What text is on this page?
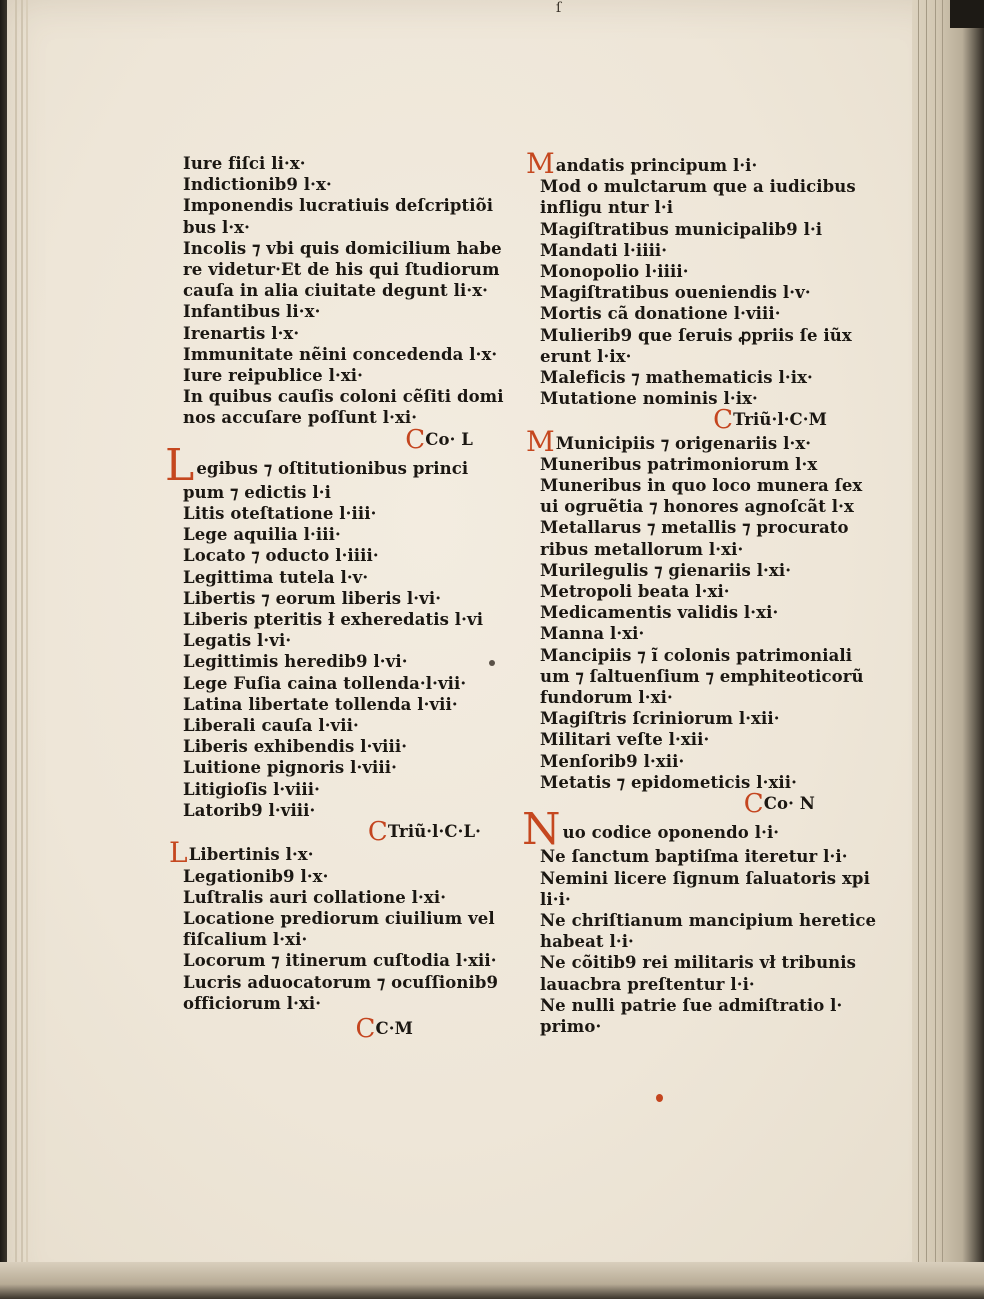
ſ
Iure fiſci li·x·
Indictionib9 l·x·
Imponendis lucratiuis deſcriptiõi
bus l·x·
Incolis ⁊ vbi quis domicilium habe
re videtur·Et de his qui ſtudiorum
cauſa in alia ciuitate degunt li·x·
Infantibus li·x·
Irenartis l·x·
Immunitate nẽini concedenda l·x·
Iure reipublice l·xi·
In quibus cauſis coloni cẽſiti domi
nos accuſare poſſunt l·xi·
CCo· L
Legibus ⁊ oſtitutionibus princi
pum ⁊ edictis l·i
Litis oteſtatione l·iii·
Lege aquilia l·iii·
Locato ⁊ oducto l·iiii·
Legittima tutela l·v·
Libertis ⁊ eorum liberis l·vi·
Liberis pteritis ł exheredatis l·vi
Legatis l·vi·
Legittimis heredib9 l·vi·
Lege Fuſia caina tollenda·l·vii·
Latina libertate tollenda l·vii·
Liberali cauſa l·vii·
Liberis exhibendis l·viii·
Luitione pignoris l·viii·
Litigioſis l·viii·
Latorib9 l·viii·
CTriũ·l·C·L·
LLibertinis l·x·
Legationib9 l·x·
Luſtralis auri collatione l·xi·
Locatione prediorum ciuilium vel
fiſcalium l·xi·
Locorum ⁊ itinerum cuſtodia l·xii·
Lucris aduocatorum ⁊ ocuſſionib9
officiorum l·xi·
CC·M
Mandatis principum l·i·
Mod o mulctarum que a iudicibus
infligu ntur l·i
Magiſtratibus municipalib9 l·i
Mandati l·iiii·
Monopolio l·iiii·
Magiſtratibus oueniendis l·v·
Mortis cã donatione l·viii·
Mulierib9 que ſeruis ꝓpriis ſe iũx
erunt l·ix·
Maleficis ⁊ mathematicis l·ix·
Mutatione nominis l·ix·
CTriũ·l·C·M
MMunicipiis ⁊ origenariis l·x·
Muneribus patrimoniorum l·x
Muneribus in quo loco munera ſex
ui ogruẽtia ⁊ honores agnoſcãt l·x
Metallarus ⁊ metallis ⁊ procurato
ribus metallorum l·xi·
Murilegulis ⁊ gienariis l·xi·
Metropoli beata l·xi·
Medicamentis validis l·xi·
Manna l·xi·
Mancipiis ⁊ ĩ colonis patrimoniali
um ⁊ ſaltuenſium ⁊ emphiteoticorũ
fundorum l·xi·
Magiſtris ſcriniorum l·xii·
Militari veſte l·xii·
Menſorib9 l·xii·
Metatis ⁊ epidometicis l·xii·
CCo· N
Nuo codice oponendo l·i·
Ne ſanctum baptiſma iteretur l·i·
Nemini licere ſignum ſaluatoris xpi
li·i·
Ne chriſtianum mancipium heretice
habeat l·i·
Ne cõitib9 rei militaris vł tribunis
lauacbra preſtentur l·i·
Ne nulli patrie ſue admiſtratio l·
primo·
